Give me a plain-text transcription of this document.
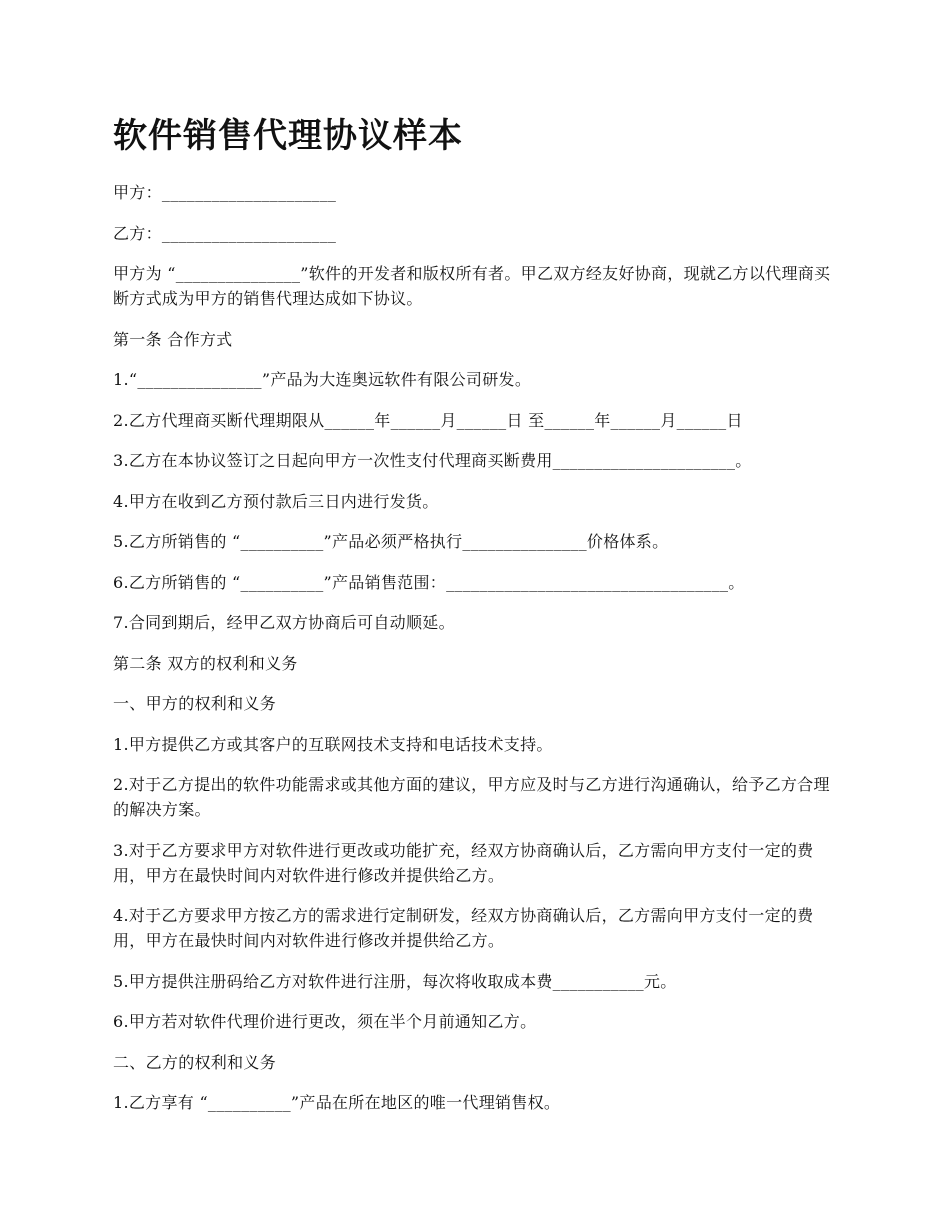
软件销售代理协议样本

甲方：_____________________

乙方：_____________________

甲方为 “_______________”软件的开发者和版权所有者。甲乙双方经友好协商，现就乙方以代理商买断方式成为甲方的销售代理达成如下协议。

第一条 合作方式

1.“_______________”产品为大连奥远软件有限公司研发。

2.乙方代理商买断代理期限从______年______月______日 至______年______月______日

3.乙方在本协议签订之日起向甲方一次性支付代理商买断费用______________________。

4.甲方在收到乙方预付款后三日内进行发货。

5.乙方所销售的 “__________”产品必须严格执行_______________价格体系。

6.乙方所销售的 “__________”产品销售范围：__________________________________。

7.合同到期后，经甲乙双方协商后可自动顺延。

第二条 双方的权利和义务

一、甲方的权利和义务

1.甲方提供乙方或其客户的互联网技术支持和电话技术支持。

2.对于乙方提出的软件功能需求或其他方面的建议，甲方应及时与乙方进行沟通确认，给予乙方合理的解决方案。

3.对于乙方要求甲方对软件进行更改或功能扩充，经双方协商确认后，乙方需向甲方支付一定的费用，甲方在最快时间内对软件进行修改并提供给乙方。

4.对于乙方要求甲方按乙方的需求进行定制研发，经双方协商确认后，乙方需向甲方支付一定的费用，甲方在最快时间内对软件进行修改并提供给乙方。

5.甲方提供注册码给乙方对软件进行注册，每次将收取成本费___________元。

6.甲方若对软件代理价进行更改，须在半个月前通知乙方。

二、乙方的权利和义务

1.乙方享有 “__________”产品在所在地区的唯一代理销售权。
